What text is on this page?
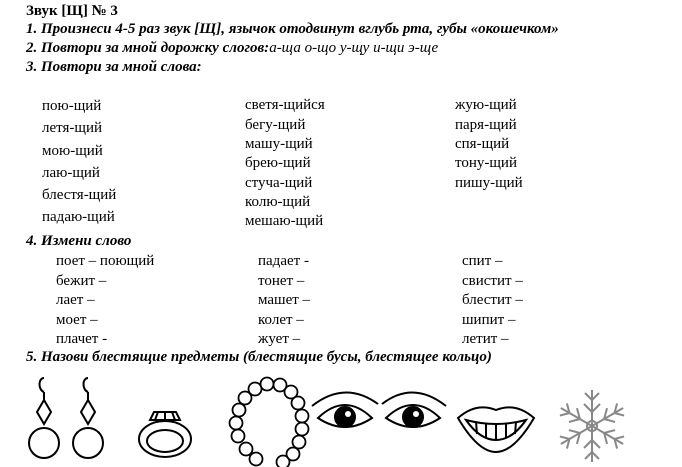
Звук [Щ] № 3
1. Произнеси 4-5 раз звук [Щ], язычок отодвинут вглубь рта, губы «окошечком»
2. Повтори за мной дорожку слогов:а-ща о-що у-щу и-щи э-ще
3. Повтори за мной слова:
пою-щий
летя-щий
мою-щий
лаю-щий
блестя-щий
падаю-щий
светя-щийся
бегу-щий
машу-щий
брею-щий
стуча-щий
колю-щий
мешаю-щий
жую-щий
паря-щий
спя-щий
тону-щий
пишу-щий
4. Измени слово
поет – поющий
бежит –
лает –
моет –
плачет -
падает -
тонет –
машет –
колет –
жует –
спит –
свистит –
блестит –
шипит –
летит –
5. Назови блестящие предметы (блестящие бусы, блестящее кольцо)
